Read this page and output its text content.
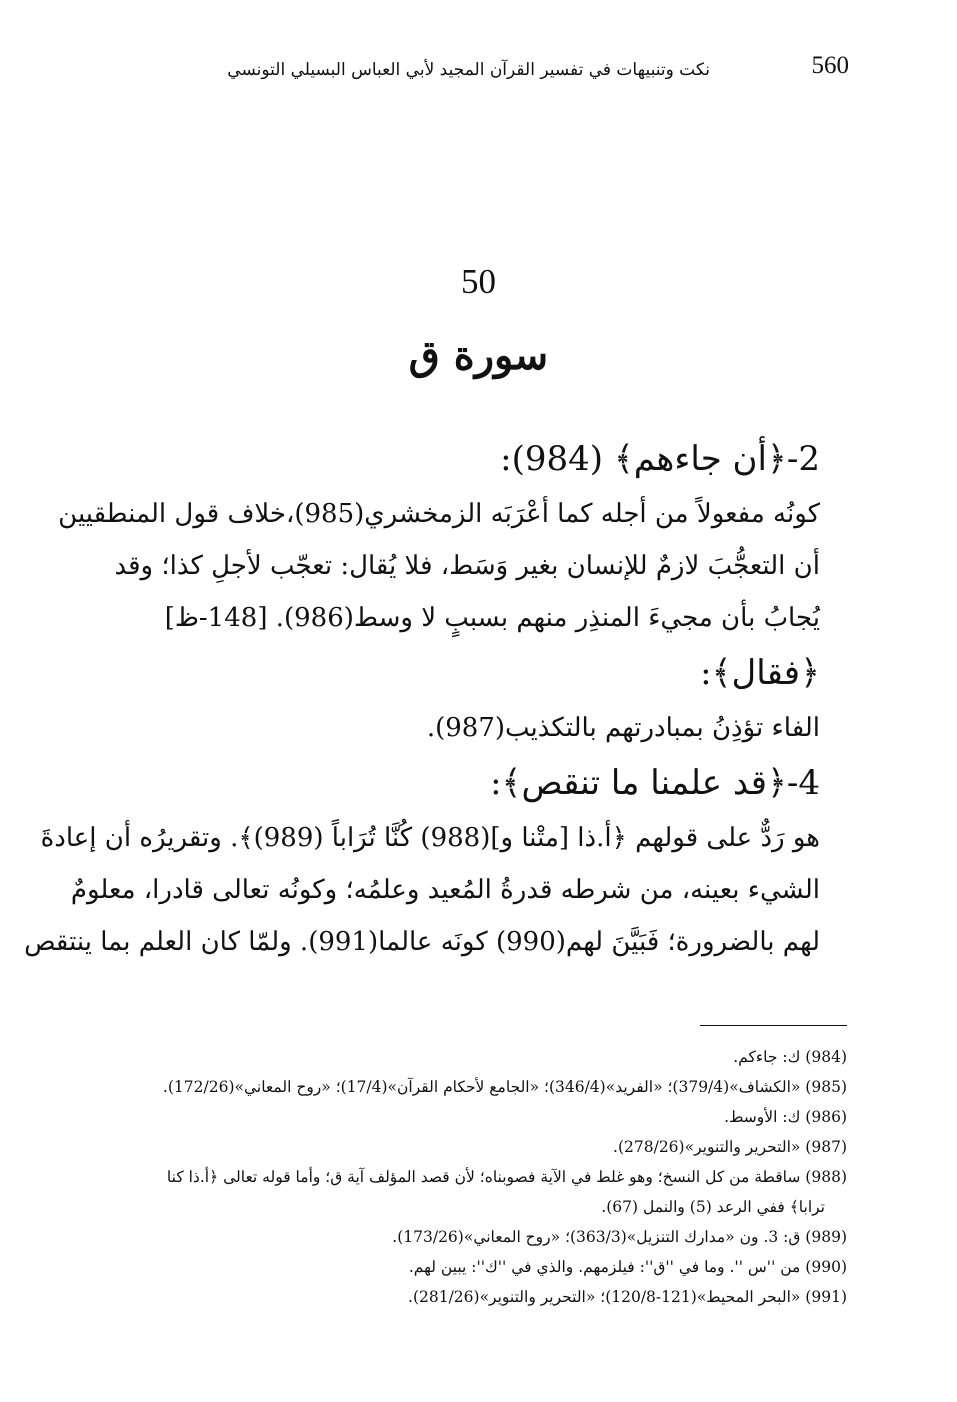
560
نكت وتنبيهات في تفسير القرآن المجيد لأبي العباس البسيلي التونسي
50
سورة ق
2-﴿أن جاءهم﴾ (984):
كونُه مفعولاً من أجله كما أعْرَبَه الزمخشري(985)،خلاف قول المنطقيين
أن التعجُّبَ لازمٌ للإنسان بغير وَسَط، فلا يُقال: تعجّب لأجلِ كذا؛ وقد
يُجابُ بأن مجيءَ المنذِر منهم بسببٍ لا وسط(986). [148-ظ]
﴿فقال﴾:
الفاء تؤذِنُ بمبادرتهم بالتكذيب(987).
4-﴿قد علمنا ما تنقص﴾:
هو رَدٌّ على قولهم ﴿أ.ذا [متْنا و](988) كُنَّا تُرَاباً (989)﴾. وتقريرُه أن إعادةَ
الشيء بعينه، من شرطه قدرةُ المُعيد وعلمُه؛ وكونُه تعالى قادرا، معلومٌ
لهم بالضرورة؛ فَبَيَّنَ لهم(990) كونَه عالما(991). ولمّا كان العلم بما ينتقص
(984) ك: جاءكم.
(985) «الكشاف»(379/4)؛ «الفريد»(346/4)؛ «الجامع لأحكام القرآن»(17/4)؛ «روح المعاني»(172/26).
(986) ك: الأوسط.
(987) «التحرير والتنوير»(278/26).
(988) ساقطة من كل النسخ؛ وهو غلط في الآية فصوبناه؛ لأن قصد المؤلف آية ق؛ وأما قوله تعالى ﴿أ.ذا كنا
ترابا﴾ ففي الرعد (5) والنمل (67).
(989) ق: 3. ون «مدارك التنزيل»(363/3)؛ «روح المعاني»(173/26).
(990) من ''س ''. وما في ''ق'': فيلزمهم. والذي في ''ك'': يبين لهم.
(991) «البحر المحيط»(121-120/8)؛ «التحرير والتنوير»(281/26).
